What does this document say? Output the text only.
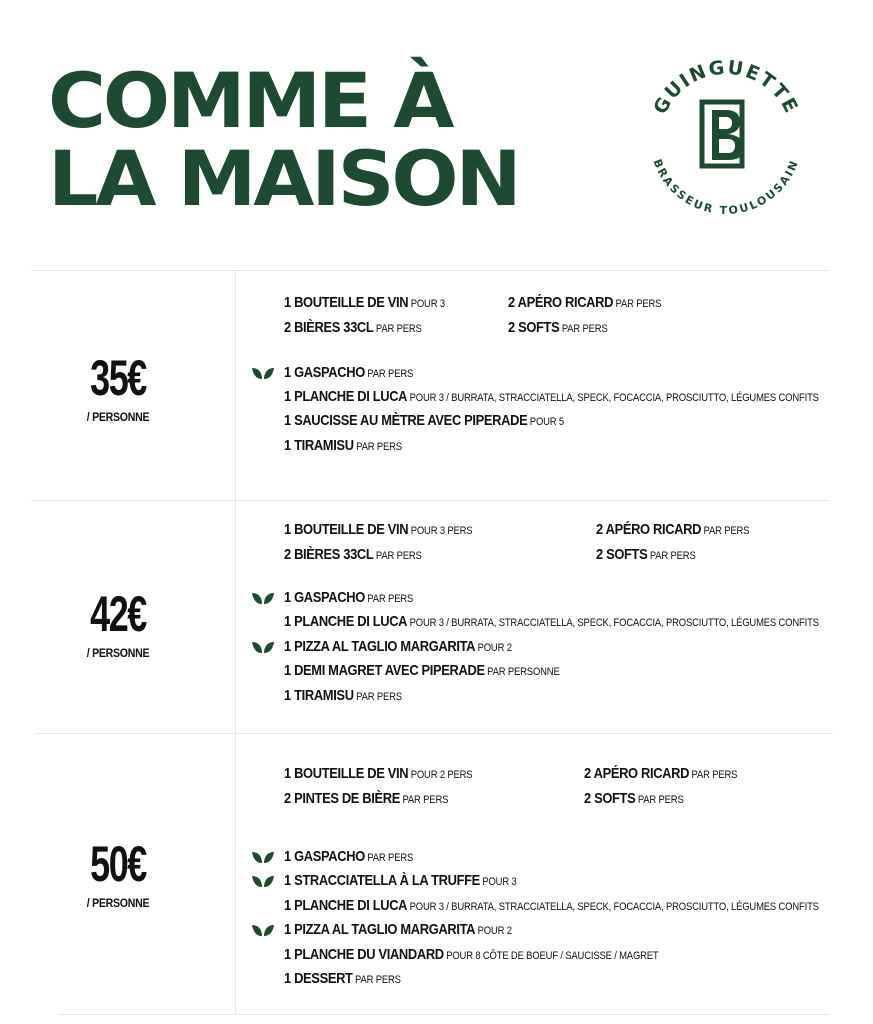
COMME À
LA MAISON
GUINGUETTE
BRASSEUR TOULOUSAIN
35€
/ PERSONNE
1 BOUTEILLE DE VIN POUR 3	2 APÉRO RICARD PAR PERS
2 BIÈRES 33CL PAR PERS	2 SOFTS PAR PERS
1 GASPACHO PAR PERS
1 PLANCHE DI LUCA POUR 3 / BURRATA, STRACCIATELLA, SPECK, FOCACCIA, PROSCIUTTO, LÉGUMES CONFITS
1 SAUCISSE AU MÈTRE AVEC PIPERADE POUR 5
1 TIRAMISU PAR PERS
42€
/ PERSONNE
1 BOUTEILLE DE VIN POUR 3 PERS	2 APÉRO RICARD PAR PERS
2 BIÈRES 33CL PAR PERS	2 SOFTS PAR PERS
1 GASPACHO PAR PERS
1 PLANCHE DI LUCA POUR 3 / BURRATA, STRACCIATELLA, SPECK, FOCACCIA, PROSCIUTTO, LÉGUMES CONFITS
1 PIZZA AL TAGLIO MARGARITA POUR 2
1 DEMI MAGRET AVEC PIPERADE PAR PERSONNE
1 TIRAMISU PAR PERS
50€
/ PERSONNE
1 BOUTEILLE DE VIN POUR 2 PERS	2 APÉRO RICARD PAR PERS
2 PINTES DE BIÈRE PAR PERS	2 SOFTS PAR PERS
1 GASPACHO PAR PERS
1 STRACCIATELLA À LA TRUFFE POUR 3
1 PLANCHE DI LUCA POUR 3 / BURRATA, STRACCIATELLA, SPECK, FOCACCIA, PROSCIUTTO, LÉGUMES CONFITS
1 PIZZA AL TAGLIO MARGARITA POUR 2
1 PLANCHE DU VIANDARD POUR 8 CÔTE DE BOEUF / SAUCISSE / MAGRET
1 DESSERT PAR PERS
